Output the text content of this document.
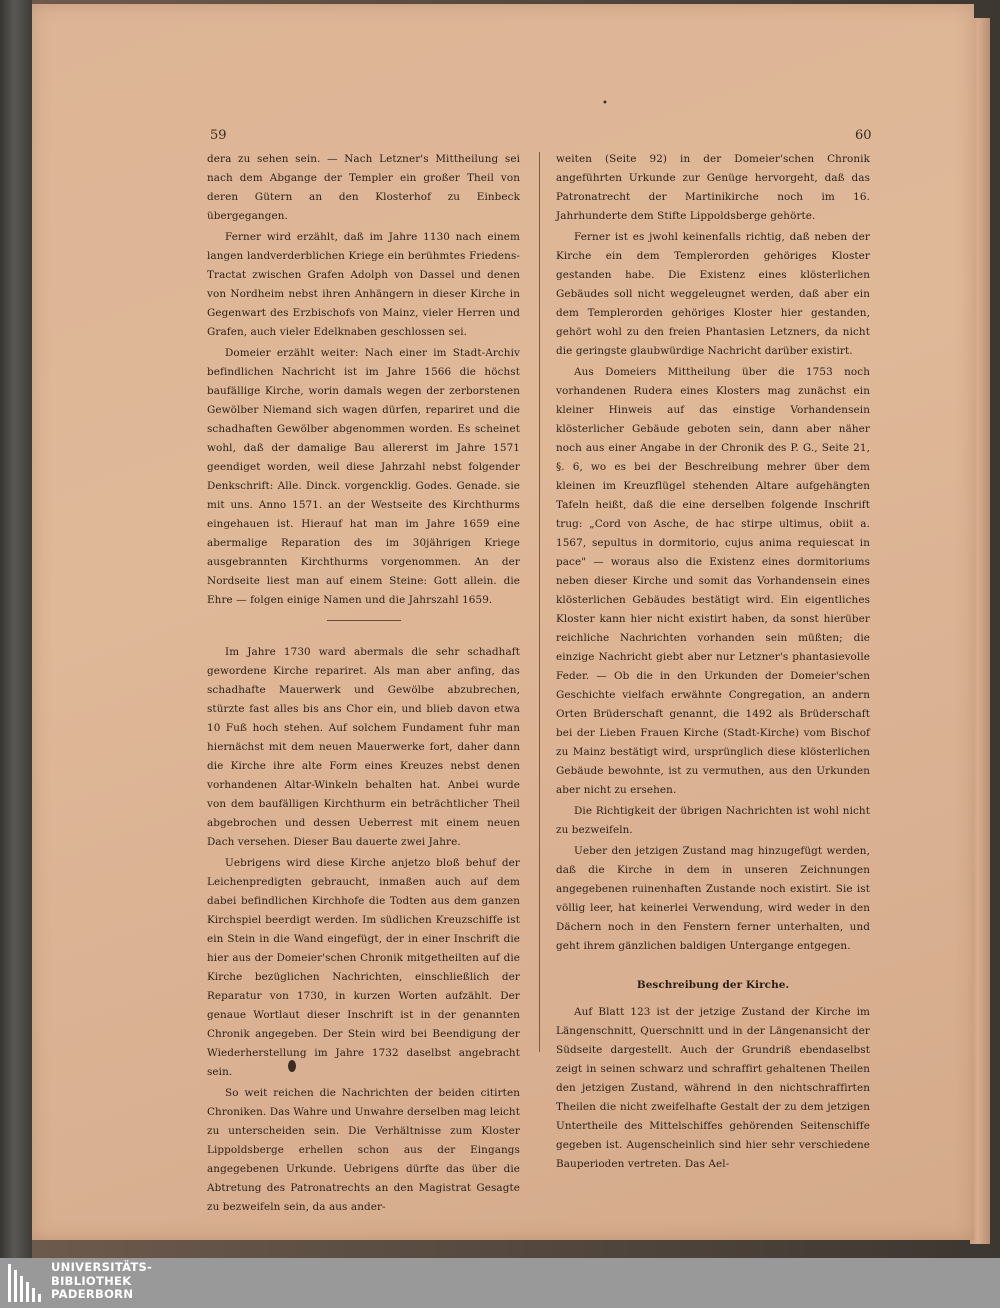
•
59	60

dera zu sehen sein. — Nach Letzner's Mittheilung sei nach dem Abgange der Templer ein großer Theil von deren Gütern an den Klosterhof zu Einbeck übergegangen.

Ferner wird erzählt, daß im Jahre 1130 nach einem langen landverderblichen Kriege ein berühmtes Friedens-Tractat zwischen Grafen Adolph von Dassel und denen von Nordheim nebst ihren Anhängern in dieser Kirche in Gegenwart des Erzbischofs von Mainz, vieler Herren und Grafen, auch vieler Edelknaben geschlossen sei.

Domeier erzählt weiter: Nach einer im Stadt-Archiv befindlichen Nachricht ist im Jahre 1566 die höchst baufällige Kirche, worin damals wegen der zerborstenen Gewölber Niemand sich wagen dürfen, repariret und die schadhaften Gewölber abgenommen worden. Es scheinet wohl, daß der damalige Bau allererst im Jahre 1571 geendiget worden, weil diese Jahrzahl nebst folgender Denkschrift: Alle. Dinck. vorgencklig. Godes. Genade. sie mit uns. Anno 1571. an der Westseite des Kirchthurms eingehauen ist. Hierauf hat man im Jahre 1659 eine abermalige Reparation des im 30jährigen Kriege ausgebrannten Kirchthurms vorgenommen. An der Nordseite liest man auf einem Steine: Gott allein. die Ehre — folgen einige Namen und die Jahrszahl 1659.

Im Jahre 1730 ward abermals die sehr schadhaft gewordene Kirche repariret. Als man aber anfing, das schadhafte Mauerwerk und Gewölbe abzubrechen, stürzte fast alles bis ans Chor ein, und blieb davon etwa 10 Fuß hoch stehen. Auf solchem Fundament fuhr man hiernächst mit dem neuen Mauerwerke fort, daher dann die Kirche ihre alte Form eines Kreuzes nebst denen vorhandenen Altar-Winkeln behalten hat. Anbei wurde von dem baufälligen Kirchthurm ein beträchtlicher Theil abgebrochen und dessen Ueberrest mit einem neuen Dach versehen. Dieser Bau dauerte zwei Jahre.

Uebrigens wird diese Kirche anjetzo bloß behuf der Leichenpredigten gebraucht, inmaßen auch auf dem dabei befindlichen Kirchhofe die Todten aus dem ganzen Kirchspiel beerdigt werden. Im südlichen Kreuzschiffe ist ein Stein in die Wand eingefügt, der in einer Inschrift die hier aus der Domeier'schen Chronik mitgetheilten auf die Kirche bezüglichen Nachrichten, einschließlich der Reparatur von 1730, in kurzen Worten aufzählt. Der genaue Wortlaut dieser Inschrift ist in der genannten Chronik angegeben. Der Stein wird bei Beendigung der Wiederherstellung im Jahre 1732 daselbst angebracht sein.

So weit reichen die Nachrichten der beiden citirten Chroniken. Das Wahre und Unwahre derselben mag leicht zu unterscheiden sein. Die Verhältnisse zum Kloster Lippoldsberge erhellen schon aus der Eingangs angegebenen Urkunde. Uebrigens dürfte das über die Abtretung des Patronatrechts an den Magistrat Gesagte zu bezweifeln sein, da aus ander-

weiten (Seite 92) in der Domeier'schen Chronik angeführten Urkunde zur Genüge hervorgeht, daß das Patronatrecht der Martinikirche noch im 16. Jahrhunderte dem Stifte Lippoldsberge gehörte.

Ferner ist es jwohl keinenfalls richtig, daß neben der Kirche ein dem Templerorden gehöriges Kloster gestanden habe. Die Existenz eines klösterlichen Gebäudes soll nicht weggeleugnet werden, daß aber ein dem Templerorden gehöriges Kloster hier gestanden, gehört wohl zu den freien Phantasien Letzners, da nicht die geringste glaubwürdige Nachricht darüber existirt.

Aus Domeiers Mittheilung über die 1753 noch vorhandenen Rudera eines Klosters mag zunächst ein kleiner Hinweis auf das einstige Vorhandensein klösterlicher Gebäude geboten sein, dann aber näher noch aus einer Angabe in der Chronik des P. G., Seite 21, §. 6, wo es bei der Beschreibung mehrer über dem kleinen im Kreuzflügel stehenden Altare aufgehängten Tafeln heißt, daß die eine derselben folgende Inschrift trug: „Cord von Asche, de hac stirpe ultimus, obiit a. 1567, sepultus in dormitorio, cujus anima requiescat in pace" — woraus also die Existenz eines dormitoriums neben dieser Kirche und somit das Vorhandensein eines klösterlichen Gebäudes bestätigt wird. Ein eigentliches Kloster kann hier nicht existirt haben, da sonst hierüber reichliche Nachrichten vorhanden sein müßten; die einzige Nachricht giebt aber nur Letzner's phantasievolle Feder. — Ob die in den Urkunden der Domeier'schen Geschichte vielfach erwähnte Congregation, an andern Orten Brüderschaft genannt, die 1492 als Brüderschaft bei der Lieben Frauen Kirche (Stadt-Kirche) vom Bischof zu Mainz bestätigt wird, ursprünglich diese klösterlichen Gebäude bewohnte, ist zu vermuthen, aus den Urkunden aber nicht zu ersehen.

Die Richtigkeit der übrigen Nachrichten ist wohl nicht zu bezweifeln.

Ueber den jetzigen Zustand mag hinzugefügt werden, daß die Kirche in dem in unseren Zeichnungen angegebenen ruinenhaften Zustande noch existirt. Sie ist völlig leer, hat keinerlei Verwendung, wird weder in den Dächern noch in den Fenstern ferner unterhalten, und geht ihrem gänzlichen baldigen Untergange entgegen.

Beschreibung der Kirche.

Auf Blatt 123 ist der jetzige Zustand der Kirche im Längenschnitt, Querschnitt und in der Längenansicht der Südseite dargestellt. Auch der Grundriß ebendaselbst zeigt in seinen schwarz und schraffirt gehaltenen Theilen den jetzigen Zustand, während in den nichtschraffirten Theilen die nicht zweifelhafte Gestalt der zu dem jetzigen Untertheile des Mittelschiffes gehörenden Seitenschiffe gegeben ist. Augenscheinlich sind hier sehr verschiedene Bauperioden vertreten. Das Ael-

UNIVERSITÄTS-
BIBLIOTHEK
PADERBORN
